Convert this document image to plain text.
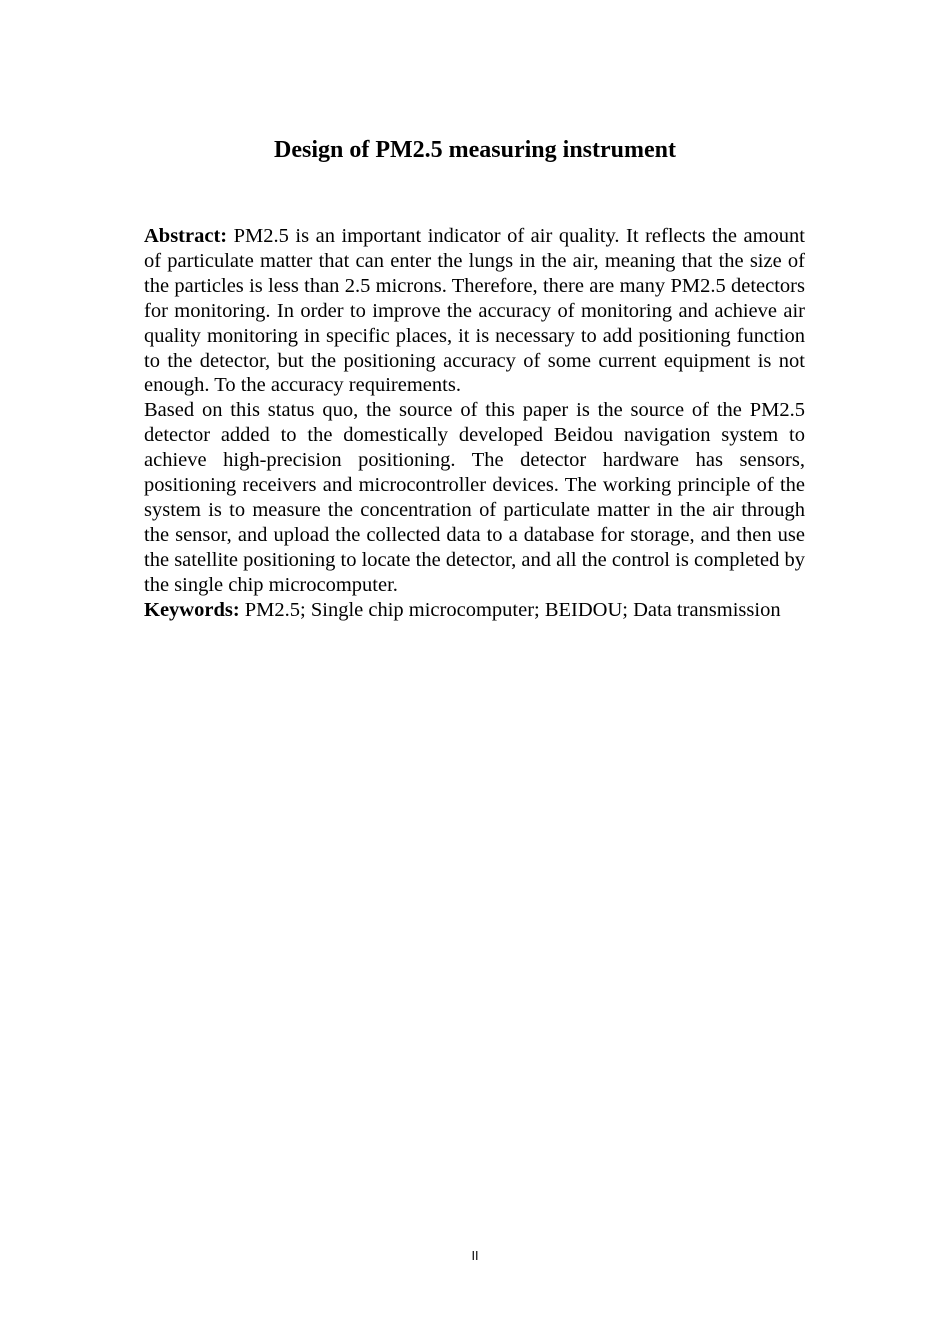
Design of PM2.5 measuring instrument

Abstract: PM2.5 is an important indicator of air quality. It reflects the amount of particulate matter that can enter the lungs in the air, meaning that the size of the particles is less than 2.5 microns. Therefore, there are many PM2.5 detectors for monitoring. In order to improve the accuracy of monitoring and achieve air quality monitoring in specific places, it is necessary to add positioning function to the detector, but the positioning accuracy of some current equipment is not enough. To the accuracy requirements.

Based on this status quo, the source of this paper is the source of the PM2.5 detector added to the domestically developed Beidou navigation system to achieve high-precision positioning. The detector hardware has sensors, positioning receivers and microcontroller devices. The working principle of the system is to measure the concentration of particulate matter in the air through the sensor, and upload the collected data to a database for storage, and then use the satellite positioning to locate the detector, and all the control is completed by the single chip microcomputer.

Keywords: PM2.5; Single chip microcomputer; BEIDOU; Data transmission

II
